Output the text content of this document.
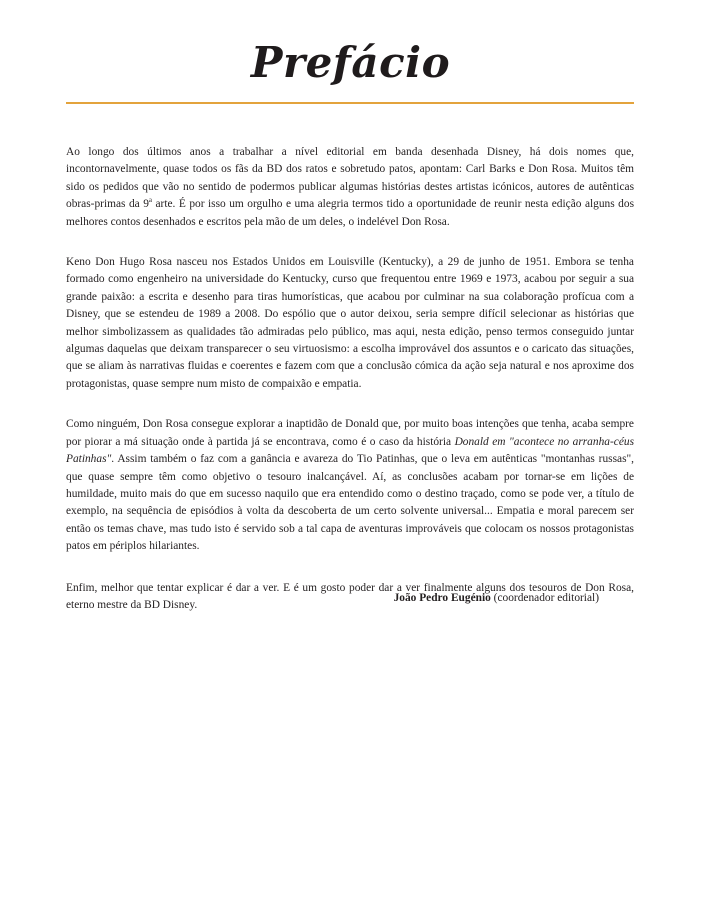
Prefácio

Ao longo dos últimos anos a trabalhar a nível editorial em banda desenhada Disney, há dois nomes que, incontornavelmente, quase todos os fãs da BD dos ratos e sobretudo patos, apontam: Carl Barks e Don Rosa. Muitos têm sido os pedidos que vão no sentido de podermos publicar algumas histórias destes artistas icónicos, autores de autênticas obras-primas da 9$^a$ arte. É por isso um orgulho e uma alegria termos tido a oportunidade de reunir nesta edição alguns dos melhores contos desenhados e escritos pela mão de um deles, o indelével Don Rosa.

Keno Don Hugo Rosa nasceu nos Estados Unidos em Louisville (Kentucky), a 29 de junho de 1951. Embora se tenha formado como engenheiro na universidade do Kentucky, curso que frequentou entre 1969 e 1973, acabou por seguir a sua grande paixão: a escrita e desenho para tiras humorísticas, que acabou por culminar na sua colaboração profícua com a Disney, que se estendeu de 1989 a 2008. Do espólio que o autor deixou, seria sempre difícil selecionar as histórias que melhor simbolizassem as qualidades tão admiradas pelo público, mas aqui, nesta edição, penso termos conseguido juntar algumas daquelas que deixam transparecer o seu virtuosismo: a escolha improvável dos assuntos e o caricato das situações, que se aliam às narrativas fluidas e coerentes e fazem com que a conclusão cómica da ação seja natural e nos aproxime dos protagonistas, quase sempre num misto de compaixão e empatia.

Como ninguém, Don Rosa consegue explorar a inaptidão de Donald que, por muito boas intenções que tenha, acaba sempre por piorar a má situação onde à partida já se encontrava, como é o caso da história Donald em "acontece no arranha-céus Patinhas". Assim também o faz com a ganância e avareza do Tio Patinhas, que o leva em autênticas "montanhas russas", que quase sempre têm como objetivo o tesouro inalcançável. Aí, as conclusões acabam por tornar-se em lições de humildade, muito mais do que em sucesso naquilo que era entendido como o destino traçado, como se pode ver, a título de exemplo, na sequência de episódios à volta da descoberta de um certo solvente universal... Empatia e moral parecem ser então os temas chave, mas tudo isto é servido sob a tal capa de aventuras improváveis que colocam os nossos protagonistas patos em périplos hilariantes.

Enfim, melhor que tentar explicar é dar a ver. E é um gosto poder dar a ver finalmente alguns dos tesouros de Don Rosa, eterno mestre da BD Disney.

João Pedro Eugénio (coordenador editorial)
